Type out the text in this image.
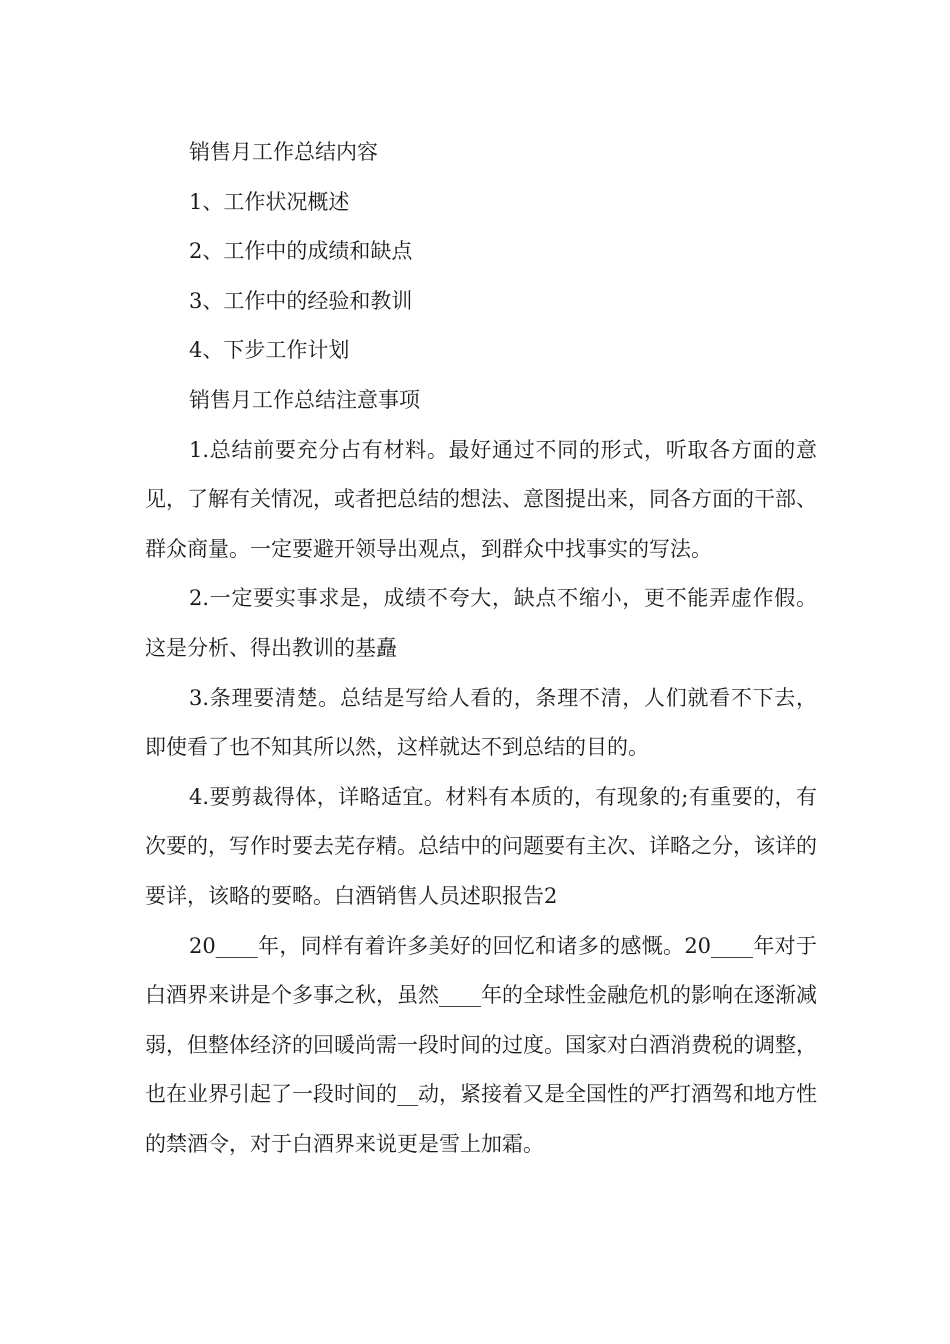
销售月工作总结内容

1、工作状况概述

2、工作中的成绩和缺点

3、工作中的经验和教训

4、下步工作计划

销售月工作总结注意事项

1.总结前要充分占有材料。最好通过不同的形式，听取各方面的意见，了解有关情况，或者把总结的想法、意图提出来，同各方面的干部、群众商量。一定要避开领导出观点，到群众中找事实的写法。

2.一定要实事求是，成绩不夸大，缺点不缩小，更不能弄虚作假。这是分析、得出教训的基矗

3.条理要清楚。总结是写给人看的，条理不清，人们就看不下去，即使看了也不知其所以然，这样就达不到总结的目的。

4.要剪裁得体，详略适宜。材料有本质的，有现象的;有重要的，有次要的，写作时要去芜存精。总结中的问题要有主次、详略之分，该详的要详，该略的要略。白酒销售人员述职报告2

20____年，同样有着许多美好的回忆和诸多的感慨。20____年对于白酒界来讲是个多事之秋，虽然____年的全球性金融危机的影响在逐渐减弱，但整体经济的回暖尚需一段时间的过度。国家对白酒消费税的调整，也在业界引起了一段时间的__动，紧接着又是全国性的严打酒驾和地方性的禁酒令，对于白酒界来说更是雪上加霜。
